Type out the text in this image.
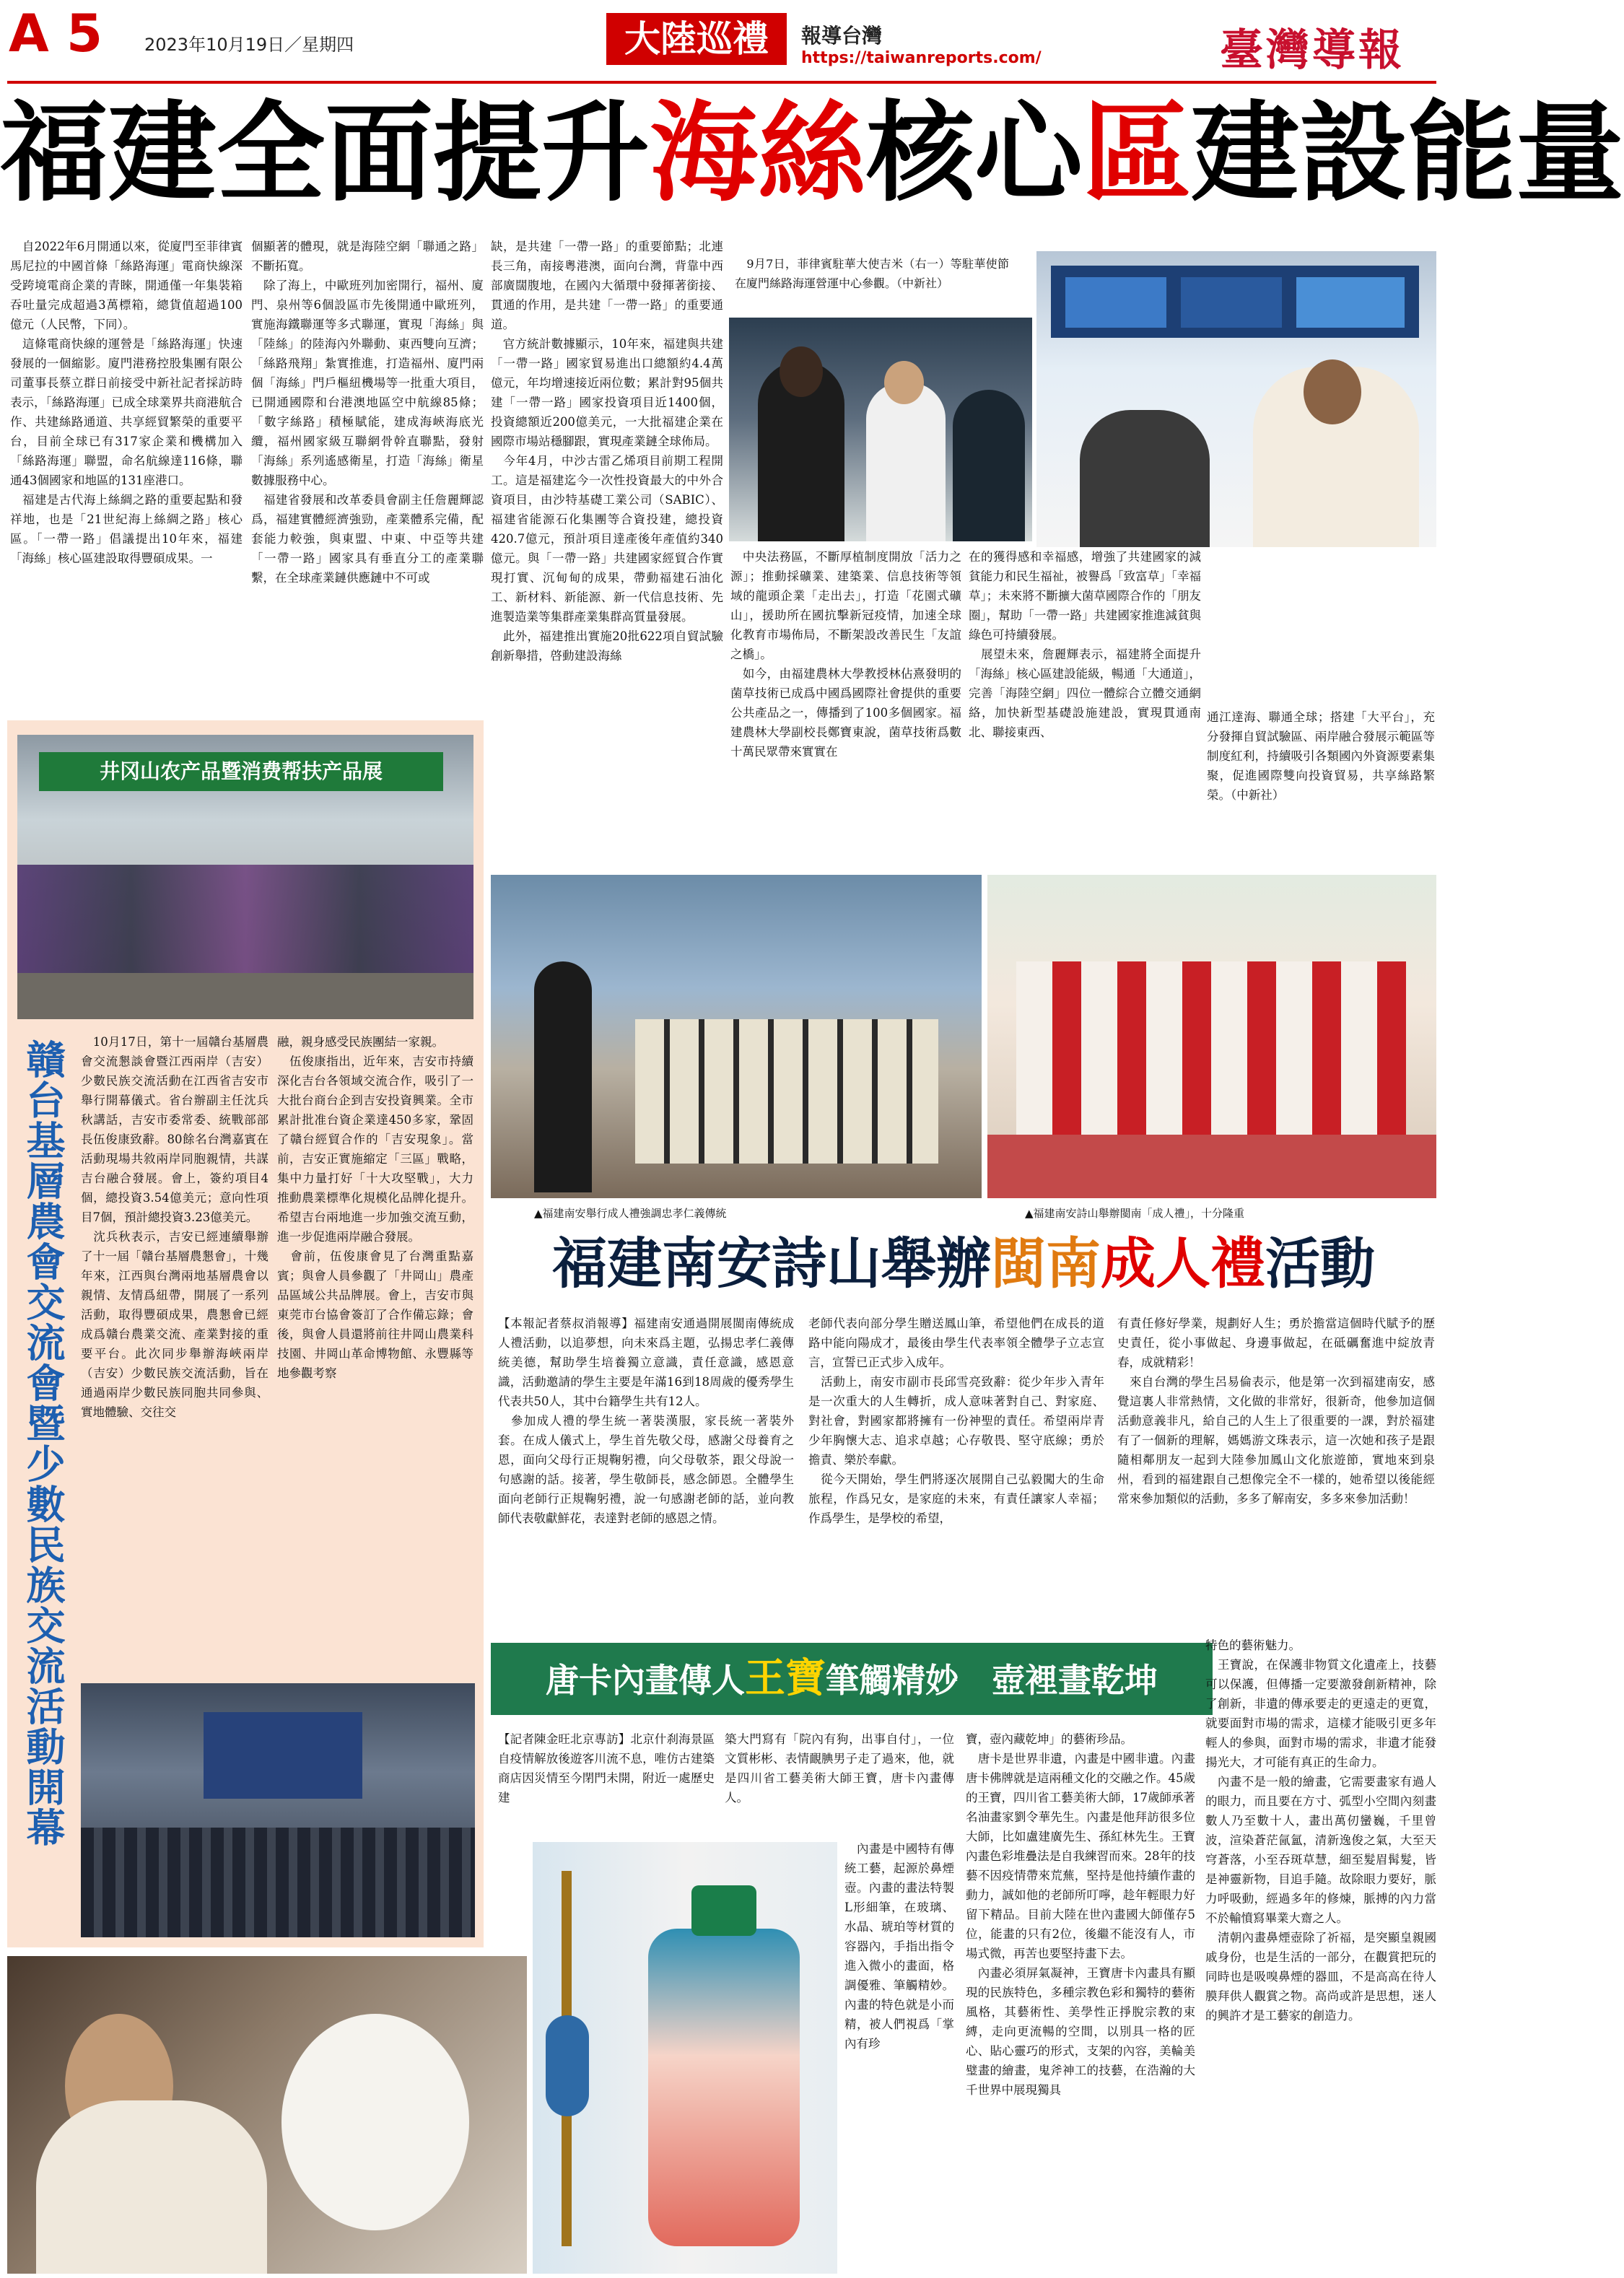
A 5 2023年10月19日／星期四	大陸巡禮	報導台灣
https://taiwanreports.com/	臺灣導報
福建全面提升海絲核心區建設能量
　自2022年6月開通以來，從廈門至菲律賓馬尼拉的中國首條「絲路海運」電商快線深受跨境電商企業的青睞，開通僅一年集裝箱吞吐量完成超過3萬標箱，總貨值超過100億元（人民幣，下同）。
　這條電商快線的運營是「絲路海運」快速發展的一個縮影。廈門港務控股集團有限公司董事長蔡立群日前接受中新社記者採訪時表示，「絲路海運」已成全球業界共商港航合作、共建絲路通道、共享經貿繁榮的重要平台，目前全球已有317家企業和機構加入「絲路海運」聯盟，命名航線達116條，聯通43個國家和地區的131座港口。
　福建是古代海上絲綢之路的重要起點和發祥地，也是「21世紀海上絲綢之路」核心區。「一帶一路」倡議提出10年來，福建「海絲」核心區建設取得豐碩成果。一
個顯著的體現，就是海陸空網「聯通之路」不斷拓寬。
　除了海上，中歐班列加密開行，福州、廈門、泉州等6個設區市先後開通中歐班列，實施海鐵聯運等多式聯運，實現「海絲」與「陸絲」的陸海內外聯動、東西雙向互濟；「絲路飛翔」紮實推進，打造福州、廈門兩個「海絲」門戶樞紐機場等一批重大項目，已開通國際和台港澳地區空中航線85條；「數字絲路」積極賦能，建成海峽海底光纜，福州國家級互聯網骨幹直聯點，發射「海絲」系列遙感衛星，打造「海絲」衛星數據服務中心。
　福建省發展和改革委員會副主任詹麗輝認爲，福建實體經濟強勁，產業體系完備，配套能力較強，與東盟、中東、中亞等共建「一帶一路」國家具有垂直分工的產業聯繫，在全球產業鏈供應鏈中不可或
缺，是共建「一帶一路」的重要節點；北連長三角，南接粵港澳，面向台灣，背靠中西部廣闊腹地，在國內大循環中發揮著銜接、貫通的作用，是共建「一帶一路」的重要通道。
　官方統計數據顯示，10年來，福建與共建「一帶一路」國家貿易進出口總額約4.4萬億元，年均增速接近兩位數；累計對95個共建「一帶一路」國家投資項目近1400個，投資總額近200億美元，一大批福建企業在國際市場站穩腳跟，實現產業鏈全球佈局。
　今年4月，中沙古雷乙烯項目前期工程開工。這是福建迄今一次性投資最大的中外合資項目，由沙特基礎工業公司（SABIC）、福建省能源石化集團等合資投建，總投資420.7億元，預計項目達產後年產值約340億元。與「一帶一路」共建國家經貿合作實現打實、沉甸甸的成果，帶動福建石油化工、新材料、新能源、新一代信息技術、先進製造業等集群產業集群高質量發展。
　此外，福建推出實施20批622項自貿試驗創新舉措，啓動建設海絲
　9月7日，菲律賓駐華大使吉米（右一）等駐華使節在廈門絲路海運營運中心參觀。（中新社）
　中央法務區，不斷厚植制度開放「活力之源」；推動採礦業、建築業、信息技術等領域的龍頭企業「走出去」，打造「花園式礦山」，援助所在國抗擊新冠疫情，加速全球化教育市場佈局，不斷架設改善民生「友誼之橋」。
　如今，由福建農林大學教授林佔熹發明的菌草技術已成爲中國爲國際社會提供的重要公共產品之一，傳播到了100多個國家。福建農林大學副校長鄭寶東說，菌草技術爲數十萬民眾帶來實實在
在的獲得感和幸福感，增強了共建國家的減貧能力和民生福祉，被譽爲「致富草」「幸福草」；未來將不斷擴大菌草國際合作的「朋友圈」，幫助「一帶一路」共建國家推進減貧與綠色可持續發展。
　展望未來，詹麗輝表示，福建將全面提升「海絲」核心區建設能級，暢通「大通道」，完善「海陸空網」四位一體綜合立體交通網絡，加快新型基礎設施建設，實現貫通南北、聯接東西、
通江達海、聯通全球；搭建「大平台」，充分發揮自貿試驗區、兩岸融合發展示範區等制度紅利，持續吸引各類國內外資源要素集聚，促進國際雙向投資貿易，共享絲路繁榮。（中新社）
井冈山农产品暨消费帮扶产品展
贛台基層農會交流會暨少數民族交流活動開幕	　10月17日，第十一屆贛台基層農會交流懇談會暨江西兩岸（吉安）少數民族交流活動在江西省吉安市舉行開幕儀式。省台辦副主任沈兵秋講話，吉安市委常委、統戰部部長伍俊康致辭。80餘名台灣嘉賓在活動現場共敘兩岸同胞親情，共謀吉台融合發展。會上，簽約項目4個，總投資3.54億美元；意向性項目7個，預計總投資3.23億美元。
　沈兵秋表示，吉安已經連續舉辦了十一屆「贛台基層農懇會」，十幾年來，江西與台灣兩地基層農會以親情、友情爲紐帶，開展了一系列活動，取得豐碩成果，農懇會已經成爲贛台農業交流、產業對接的重要平台。此次同步舉辦海峽兩岸（吉安）少數民族交流活動，旨在通過兩岸少數民族同胞共同參與、實地體驗、交往交
融，親身感受民族團結一家親。
　伍俊康指出，近年來，吉安市持續深化吉台各領域交流合作，吸引了一大批台商台企到吉安投資興業。全市累計批准台資企業達450多家，鞏固了贛台經貿合作的「吉安現象」。當前，吉安正實施縮定「三區」戰略，集中力量打好「十大攻堅戰」，大力推動農業標準化規模化品牌化提升。希望吉台兩地進一步加強交流互動，進一步促進兩岸融合發展。
　會前，伍俊康會見了台灣重點嘉賓；與會人員參觀了「井岡山」農產品區域公共品牌展。會上，吉安市與東莞市台協會簽訂了合作備忘錄；會後，與會人員還將前往井岡山農業科技園、井岡山革命博物館、永豐縣等地參觀考察
▲福建南安舉行成人禮強調忠孝仁義傳統	▲福建南安詩山舉辦閩南「成人禮」，十分隆重
福建南安詩山舉辦閩南成人禮活動
【本報記者蔡叔消報導】福建南安通過開展閩南傳統成人禮活動，以追夢想，向未來爲主題，弘揚忠孝仁義傳統美德，幫助學生培養獨立意識，責任意識，感恩意識，活動邀請的學生主要是年滿16到18周歲的優秀學生代表共50人，其中台籍學生共有12人。
　參加成人禮的學生統一著裝漢服，家長統一著裝外套。在成人儀式上，學生首先敬父母，感謝父母養育之恩，面向父母行正規鞠躬禮，向父母敬茶，跟父母說一句感謝的話。接著，學生敬師長，感念師恩。全體學生面向老師行正規鞠躬禮，說一句感謝老師的話，並向教師代表敬獻鮮花，表達對老師的感恩之情。
老師代表向部分學生贈送鳳山筆，希望他們在成長的道路中能向陽成才，最後由學生代表率領全體學子立志宣言，宣誓已正式步入成年。
　活動上，南安市副市長邱雪亮致辭：從少年步入青年是一次重大的人生轉折，成人意味著對自己、對家庭、對社會，對國家都將擁有一份神聖的責任。希望兩岸青少年胸懷大志、追求卓越；心存敬畏、堅守底線；勇於擔責、樂於奉獻。
　從今天開始，學生們將逐次展開自己弘毅闖大的生命旅程，作爲兄女，是家庭的未來，有責任讓家人幸福；作爲學生，是學校的希望，
有責任修好學業，規劃好人生；勇於擔當這個時代賦予的歷史責任，從小事做起、身邊事做起，在砥礪奮進中綻放青春，成就精彩！
　來自台灣的學生呂易倫表示，他是第一次到福建南安，感覺這裏人非常熱情，文化做的非常好，很新奇，他參加這個活動意義非凡，給自己的人生上了很重要的一課，對於福建有了一個新的理解，媽媽游文珠表示，這一次她和孩子是跟隨相鄰朋友一起到大陸參加鳳山文化旅遊節，實地來到泉州，看到的福建跟自己想像完全不一樣的，她希望以後能經常來參加類似的活動，多多了解南安，多多來參加活動！
唐卡內畫傳人王寶筆觸精妙　壺裡畫乾坤
【記者陳金旺北京專訪】北京什刹海景區自疫情解放後遊客川流不息，唯仿古建築商店因災情至今閉門未開，附近一處歷史建
築大門寫有「院內有狗，出事自付」，一位文質彬彬、表情靦腆男子走了過來，他，就是四川省工藝美術大師王寶，唐卡內畫傳人。
　內畫是中國特有傳統工藝，起源於鼻煙壺。內畫的畫法特製L形細筆，在玻璃、水晶、琥珀等材質的容器內，手指出指令進入微小的畫面，格調優雅、筆觸精妙。內畫的特色就是小而精，被人們視爲「掌內有珍
寶，壺內藏乾坤」的藝術珍品。
　唐卡是世界非遺，內畫是中國非遺。內畫唐卡佛牌就是這兩種文化的交融之作。45歲的王寶，四川省工藝美術大師，17歲師承著名油畫家劉令華先生。內畫是他拜訪很多位大師，比如盧建廣先生、孫紅林先生。王寶內畫色彩堆疊法是自我練習而來。28年的技藝不因疫情帶來荒蕪，堅持是他持續作畫的動力，誠如他的老師所叮嚀，趁年輕眼力好留下精品。目前大陸在世內畫國大師僅存5位，能畫的只有2位，後繼不能沒有人，市場式微，再苦也要堅持畫下去。
　內畫必須屏氣凝神，王寶唐卡內畫具有顯現的民族特色，多種宗教色彩和獨特的藝術風格，其藝術性、美學性正掙脫宗教的束縛，走向更流暢的空間，以別具一格的匠心、貼心靈巧的形式，支架的內容，美輪美璧畫的繪畫，鬼斧神工的技藝，在浩瀚的大千世界中展現獨具
特色的藝術魅力。
　王寶說，在保護非物質文化遺產上，技藝可以保護，但傳播一定要激發創新精神，除了創新，非遺的傳承要走的更遠走的更寬，就要面對市場的需求，這樣才能吸引更多年輕人的參與，面對市場的需求，非遺才能發揚光大，才可能有真正的生命力。
　內畫不是一般的繪畫，它需要畫家有過人的眼力，而且要在方寸、弧型小空間內刻畫數人乃至數十人，畫出萬仞蠻巍，千里曾波，渲染蒼茫氤氳，清新逸俊之氣，大至天穹蒼落，小至吞斑草慧，細至髮眉髯髮，皆是神靈新物，目追手隨。故除眼力要好，脈力呼吸動，經過多年的修煉，脈搏的內力當不於輸憤寫畢業大齋之人。
　清朝內畫鼻煙壺除了祈福，是突顯皇親國戚身份，也是生活的一部分，在觀賞把玩的同時也是吸嗅鼻煙的器皿，不是高高在待人膜拜供人觀賞之物。高尚或許是思想，迷人的興許才是工藝家的創造力。
